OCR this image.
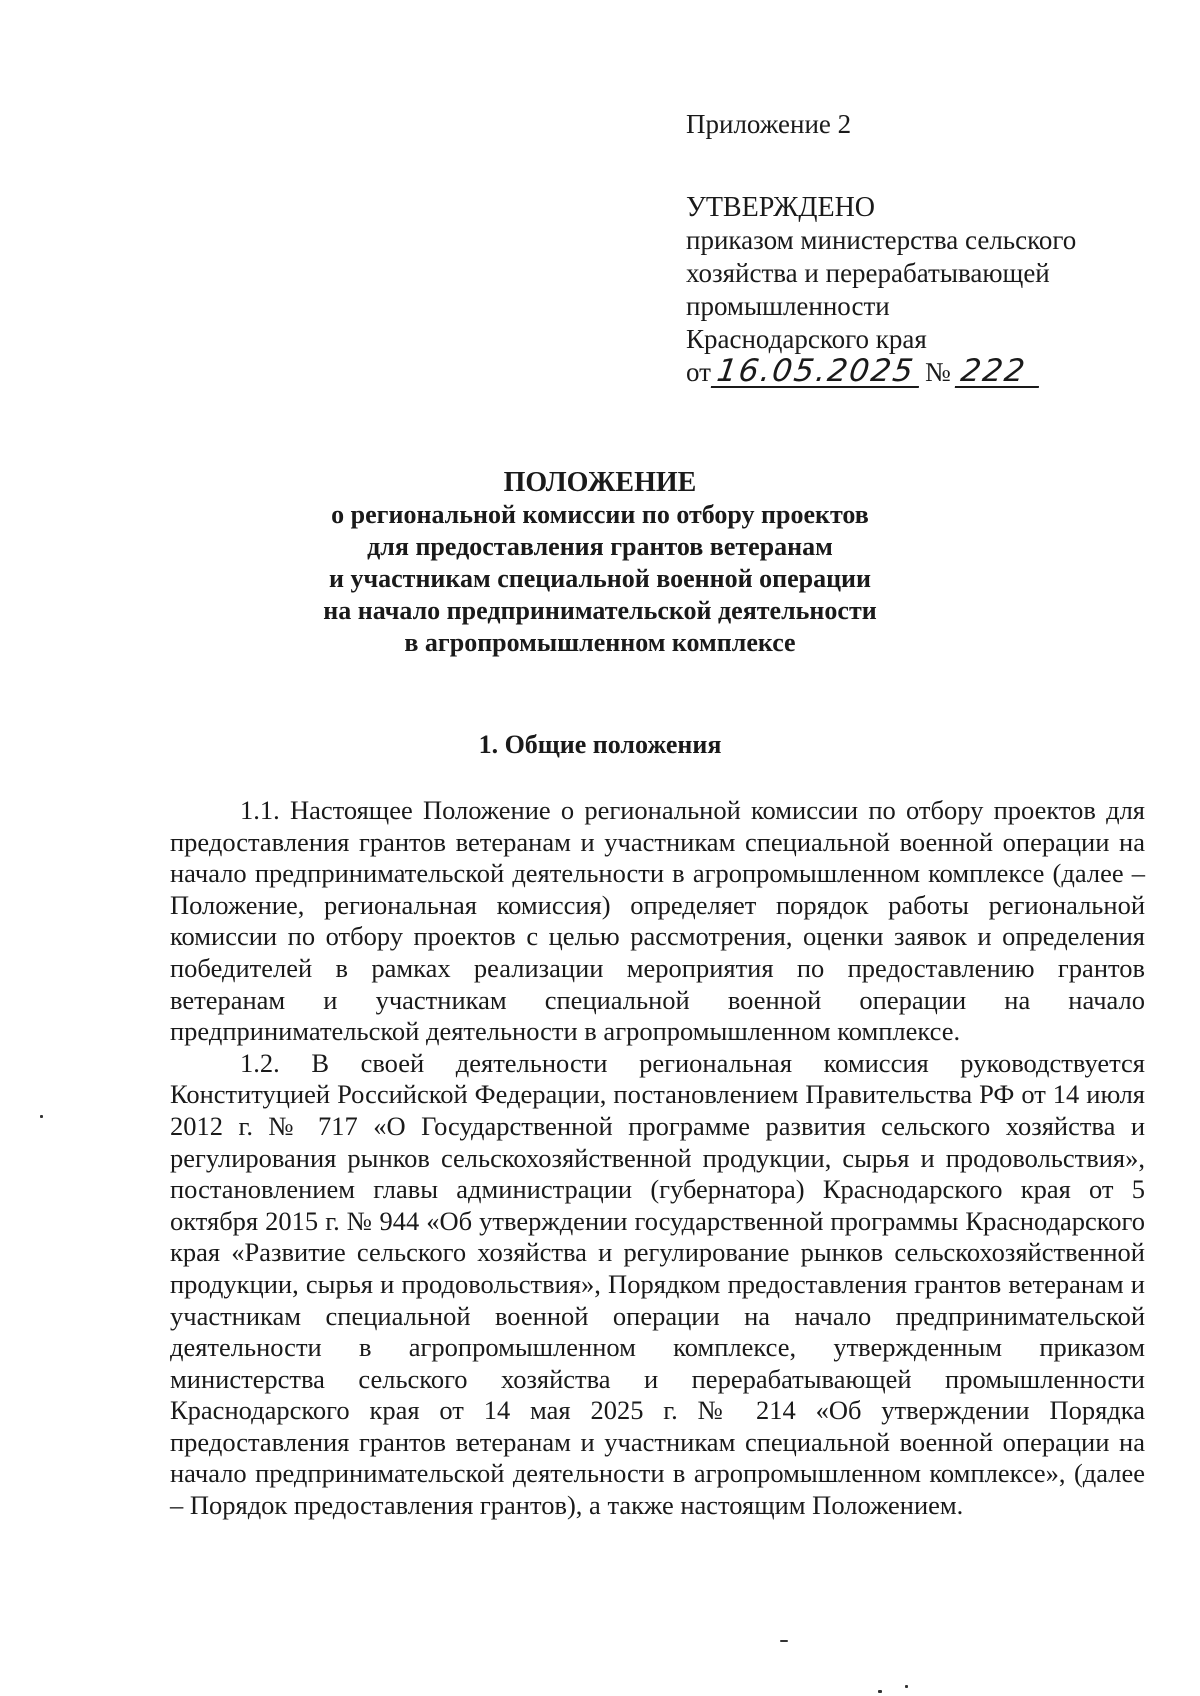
Приложение 2
УТВЕРЖДЕНО
приказом министерства сельского
хозяйства и перерабатывающей
промышленности
Краснодарского края
от 16.05.2025 № 222
ПОЛОЖЕНИЕ
о региональной комиссии по отбору проектов
для предоставления грантов ветеранам
и участникам специальной военной операции
на начало предпринимательской деятельности
в агропромышленном комплексе
1. Общие положения

1.1. Настоящее Положение о региональной комиссии по отбору проектов для предоставления грантов ветеранам и участникам специальной военной операции на начало предпринимательской деятельности в агропромышленном комплексе (далее – Положение, региональная комиссия) определяет порядок работы региональной комиссии по отбору проектов с целью рассмотрения, оценки заявок и определения победителей в рамках реализации мероприятия по предоставлению грантов ветеранам и участникам специальной военной операции на начало предпринимательской деятельности в агропромышленном комплексе.

1.2. В своей деятельности региональная комиссия руководствуется Конституцией Российской Федерации, постановлением Правительства РФ от 14 июля 2012 г. № 717 «О Государственной программе развития сельского хозяйства и регулирования рынков сельскохозяйственной продукции, сырья и продовольствия», постановлением главы администрации (губернатора) Краснодарского края от 5 октября 2015 г. № 944 «Об утверждении государственной программы Краснодарского края «Развитие сельского хозяйства и регулирование рынков сельскохозяйственной продукции, сырья и продовольствия», Порядком предоставления грантов ветеранам и участникам специальной военной операции на начало предпринимательской деятельности в агропромышленном комплексе, утвержденным приказом министерства сельского хозяйства и перерабатывающей промышленности Краснодарского края от 14 мая 2025 г. № 214 «Об утверждении Порядка предоставления грантов ветеранам и участникам специальной военной операции на начало предпринимательской деятельности в агропромышленном комплексе», (далее – Порядок предоставления грантов), а также настоящим Положением.
